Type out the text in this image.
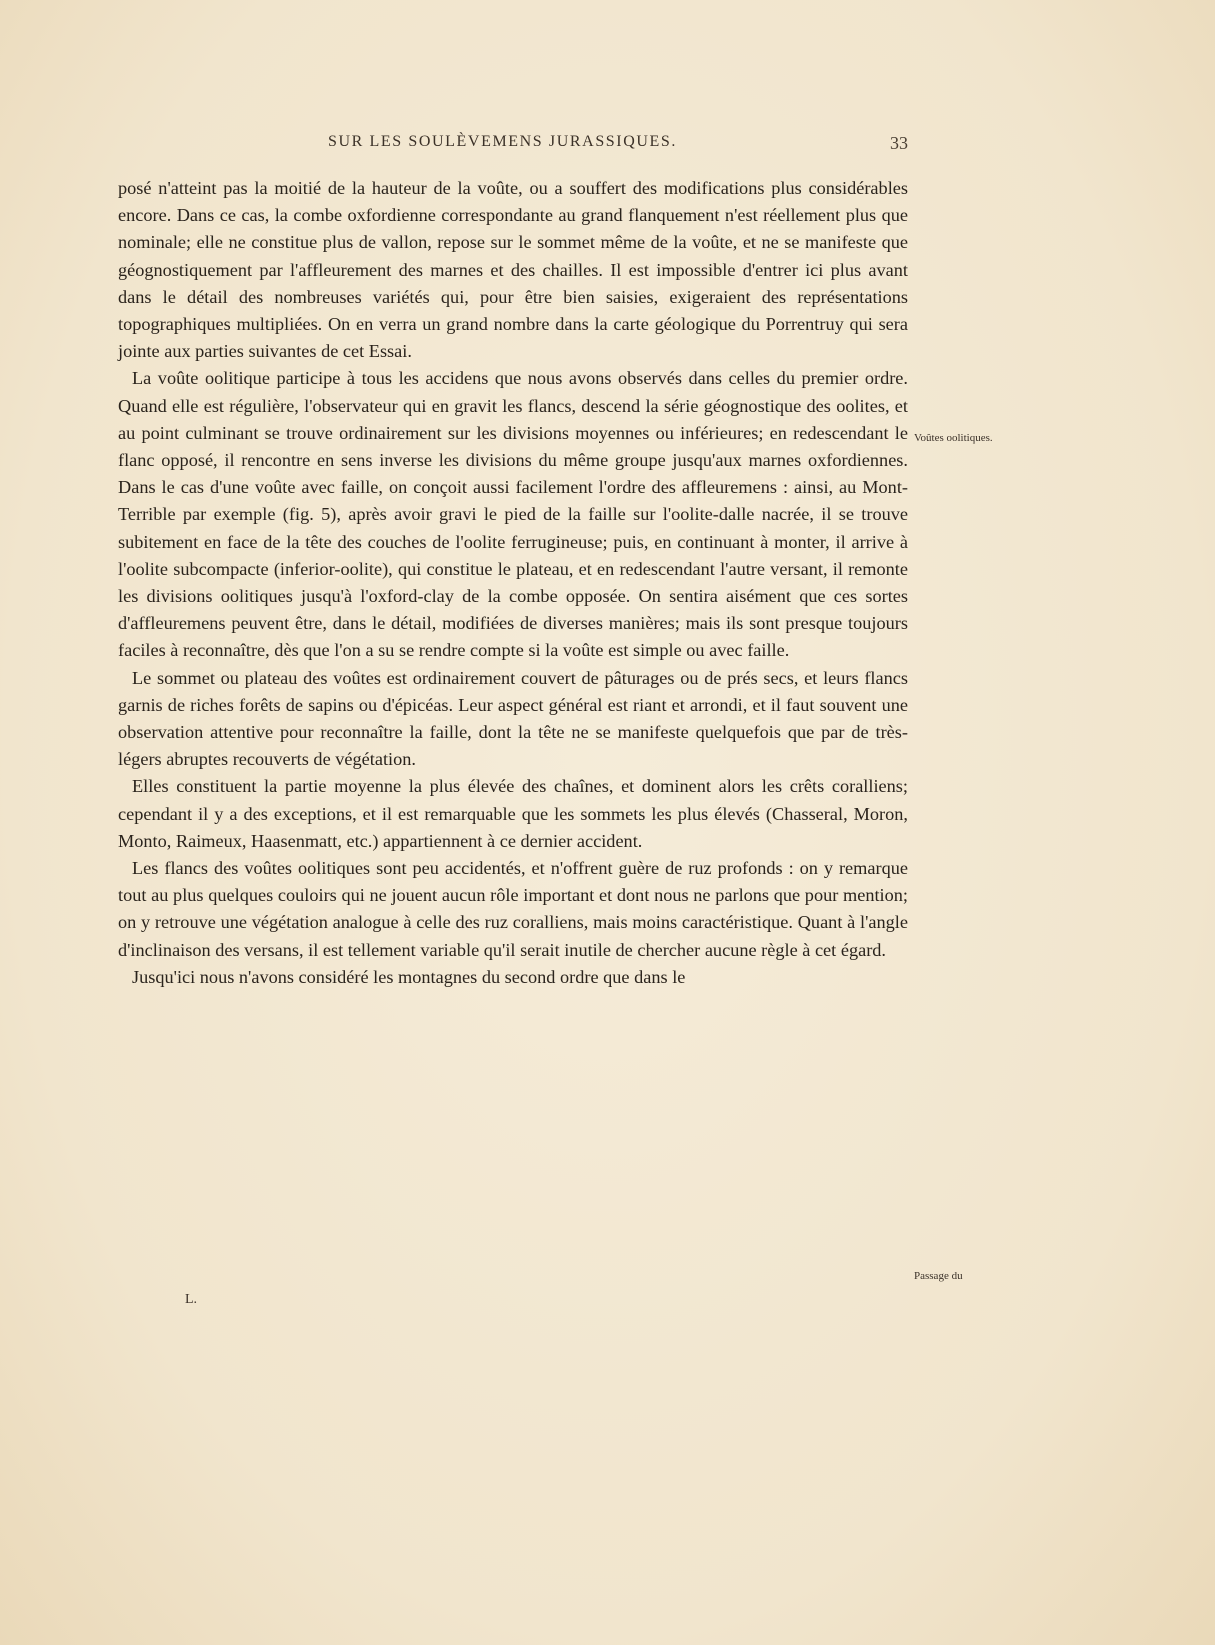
SUR LES SOULÈVEMENS JURASSIQUES.	33

posé n'atteint pas la moitié de la hauteur de la voûte, ou a souffert des modifications plus considérables encore. Dans ce cas, la combe oxfordienne correspondante au grand flanquement n'est réellement plus que nominale; elle ne constitue plus de vallon, repose sur le sommet même de la voûte, et ne se manifeste que géognostiquement par l'affleurement des marnes et des chailles. Il est impossible d'entrer ici plus avant dans le détail des nombreuses variétés qui, pour être bien saisies, exigeraient des représentations topographiques multipliées. On en verra un grand nombre dans la carte géologique du Porrentruy qui sera jointe aux parties suivantes de cet Essai.

La voûte oolitique participe à tous les accidens que nous avons observés dans celles du premier ordre. Quand elle est régulière, l'observateur qui en gravit les flancs, descend la série géognostique des oolites, et au point culminant se trouve ordinairement sur les divisions moyennes ou inférieures; en redescendant le flanc opposé, il rencontre en sens inverse les divisions du même groupe jusqu'aux marnes oxfordiennes. Dans le cas d'une voûte avec faille, on conçoit aussi facilement l'ordre des affleuremens : ainsi, au Mont-Terrible par exemple (fig. 5), après avoir gravi le pied de la faille sur l'oolite-dalle nacrée, il se trouve subitement en face de la tête des couches de l'oolite ferrugineuse; puis, en continuant à monter, il arrive à l'oolite subcompacte (inferior-oolite), qui constitue le plateau, et en redescendant l'autre versant, il remonte les divisions oolitiques jusqu'à l'oxford-clay de la combe opposée. On sentira aisément que ces sortes d'affleuremens peuvent être, dans le détail, modifiées de diverses manières; mais ils sont presque toujours faciles à reconnaître, dès que l'on a su se rendre compte si la voûte est simple ou avec faille.

Le sommet ou plateau des voûtes est ordinairement couvert de pâturages ou de prés secs, et leurs flancs garnis de riches forêts de sapins ou d'épicéas. Leur aspect général est riant et arrondi, et il faut souvent une observation attentive pour reconnaître la faille, dont la tête ne se manifeste quelquefois que par de très-légers abruptes recouverts de végétation.

Elles constituent la partie moyenne la plus élevée des chaînes, et dominent alors les crêts coralliens; cependant il y a des exceptions, et il est remarquable que les sommets les plus élevés (Chasseral, Moron, Monto, Raimeux, Haasenmatt, etc.) appartiennent à ce dernier accident.

Les flancs des voûtes oolitiques sont peu accidentés, et n'offrent guère de ruz profonds : on y remarque tout au plus quelques couloirs qui ne jouent aucun rôle important et dont nous ne parlons que pour mention; on y retrouve une végétation analogue à celle des ruz coralliens, mais moins caractéristique. Quant à l'angle d'inclinaison des versans, il est tellement variable qu'il serait inutile de chercher aucune règle à cet égard.

Jusqu'ici nous n'avons considéré les montagnes du second ordre que dans le

Voûtes oolitiques.
Passage du
L.
